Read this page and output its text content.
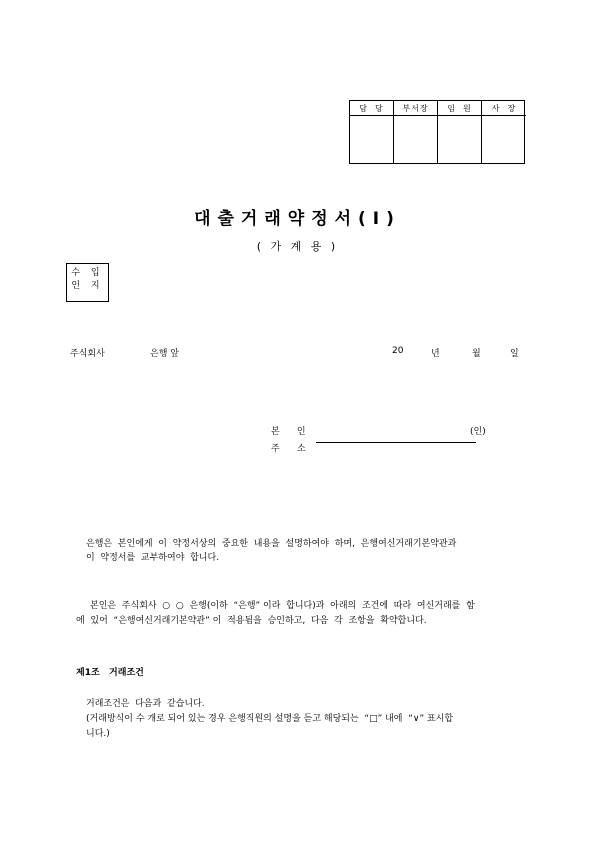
담  당	부서장	임  원	사  장
대출거래약정서(Ⅰ)
( 가 계 용 )
수 입
인 지
주식회사	은행 앞	20	년	월	일
본      인	(인)
주      소
은행은  본인에게  이  약정서상의  중요한  내용을  설명하여야  하며,  은행여신거래기본약관과
이  약정서를  교부하여야  합니다.
본인은  주식회사  ○  ○  은행(이하  “은행” 이라  합니다)과  아래의  조건에  따라  여신거래를  함
에  있어  “은행여신거래기본약관” 이  적용됨을  승인하고,  다음  각  조항을  확약합니다.
제1조   거래조건
거래조건은  다음과  같습니다.
(거래방식이 수 개로 되어 있는 경우 은행직원의 설명을 듣고 해당되는  “□” 내에  “∨” 표시합
니다.)
